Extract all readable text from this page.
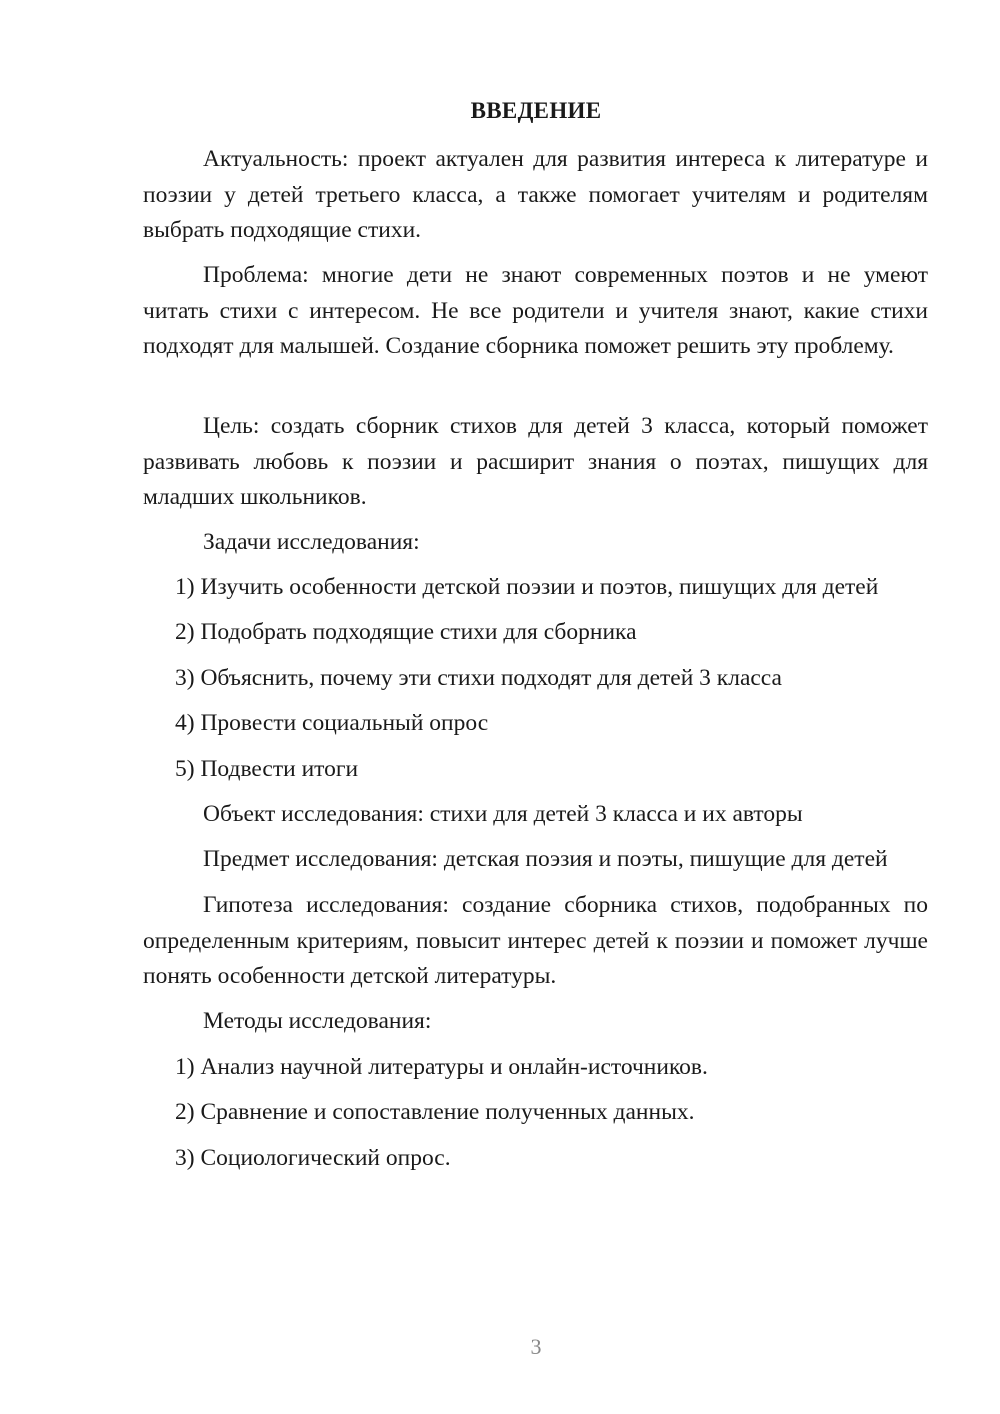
ВВЕДЕНИЕ
Актуальность: проект актуален для развития интереса к литературе и поэзии у детей третьего класса, а также помогает учителям и родителям выбрать подходящие стихи.
Проблема: многие дети не знают современных поэтов и не умеют читать стихи с интересом. Не все родители и учителя знают, какие стихи подходят для малышей. Создание сборника поможет решить эту проблему.
Цель: создать сборник стихов для детей 3 класса, который поможет развивать любовь к поэзии и расширит знания о поэтах, пишущих для младших школьников.
Задачи исследования:
1) Изучить особенности детской поэзии и поэтов, пишущих для детей
2) Подобрать подходящие стихи для сборника
3) Объяснить, почему эти стихи подходят для детей 3 класса
4) Провести социальный опрос
5) Подвести итоги
Объект исследования: стихи для детей 3 класса и их авторы
Предмет исследования: детская поэзия и поэты, пишущие для детей
Гипотеза исследования: создание сборника стихов, подобранных по определенным критериям, повысит интерес детей к поэзии и поможет лучше понять особенности детской литературы.
Методы исследования:
1) Анализ научной литературы и онлайн-источников.
2) Сравнение и сопоставление полученных данных.
3) Социологический опрос.
3
